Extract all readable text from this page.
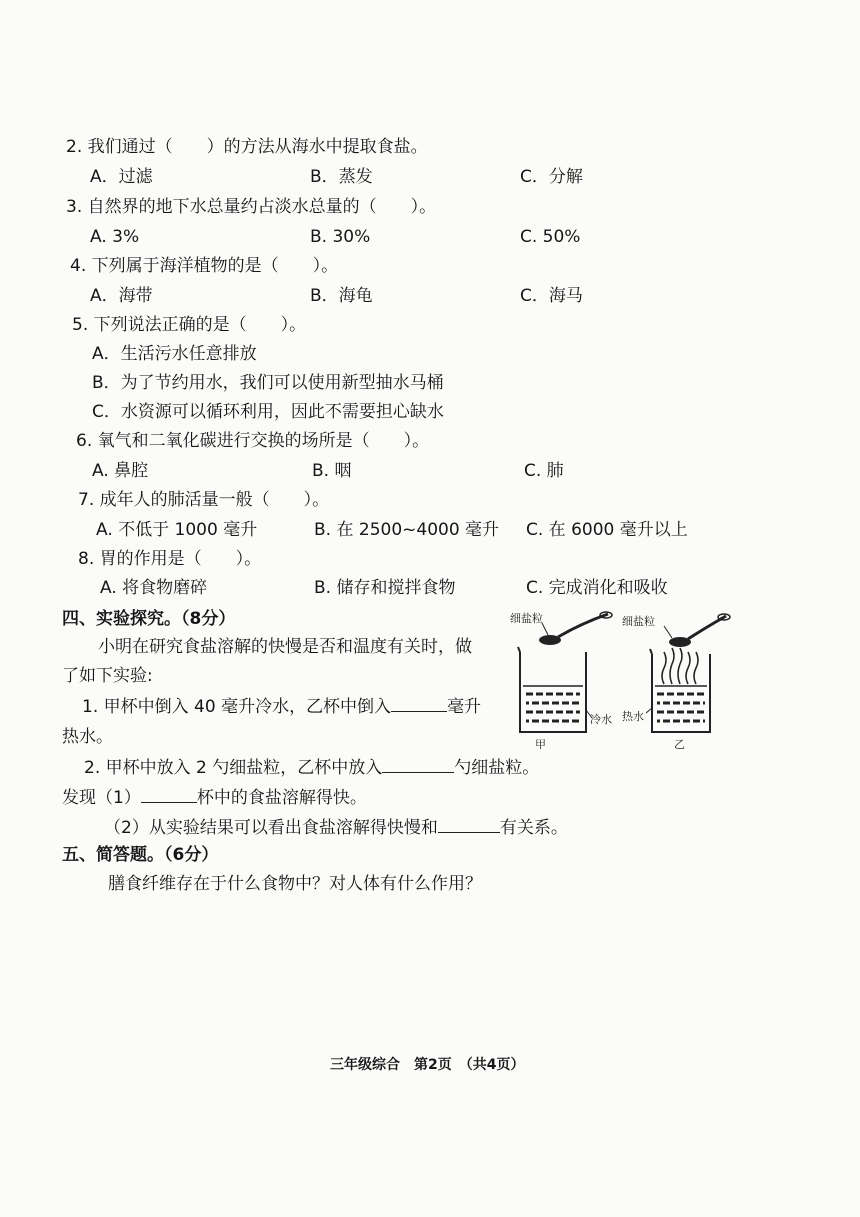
2. 我们通过（　　）的方法从海水中提取食盐。
A．过滤	B．蒸发	C．分解
3. 自然界的地下水总量约占淡水总量的（　　）。
A. 3%	B. 30%	C. 50%
4. 下列属于海洋植物的是（　　）。
A．海带	B．海龟	C．海马
5. 下列说法正确的是（　　）。
A．生活污水任意排放
B．为了节约用水，我们可以使用新型抽水马桶
C．水资源可以循环利用，因此不需要担心缺水
6. 氧气和二氧化碳进行交换的场所是（　　）。
A. 鼻腔	B. 咽	C. 肺
7. 成年人的肺活量一般（　　）。
A. 不低于 1000 毫升	B. 在 2500~4000 毫升 C. 在 6000 毫升以上
8. 胃的作用是（　　）。
A. 将食物磨碎	B. 储存和搅拌食物	C. 完成消化和吸收
四、实验探究。（8分）
小明在研究食盐溶解的快慢是否和温度有关时，做
了如下实验:
1. 甲杯中倒入 40 毫升冷水，乙杯中倒入	毫升
热水。
2. 甲杯中放入 2 勺细盐粒，乙杯中放入	勺细盐粒。
发现（1）	杯中的食盐溶解得快。
（2）从实验结果可以看出食盐溶解得快慢和	有关系。
细盐粒
冷水
甲
细盐粒
热水
乙
五、简答题。（6分）
膳食纤维存在于什么食物中？对人体有什么作用？
三年级综合　第2页　（共4页）
